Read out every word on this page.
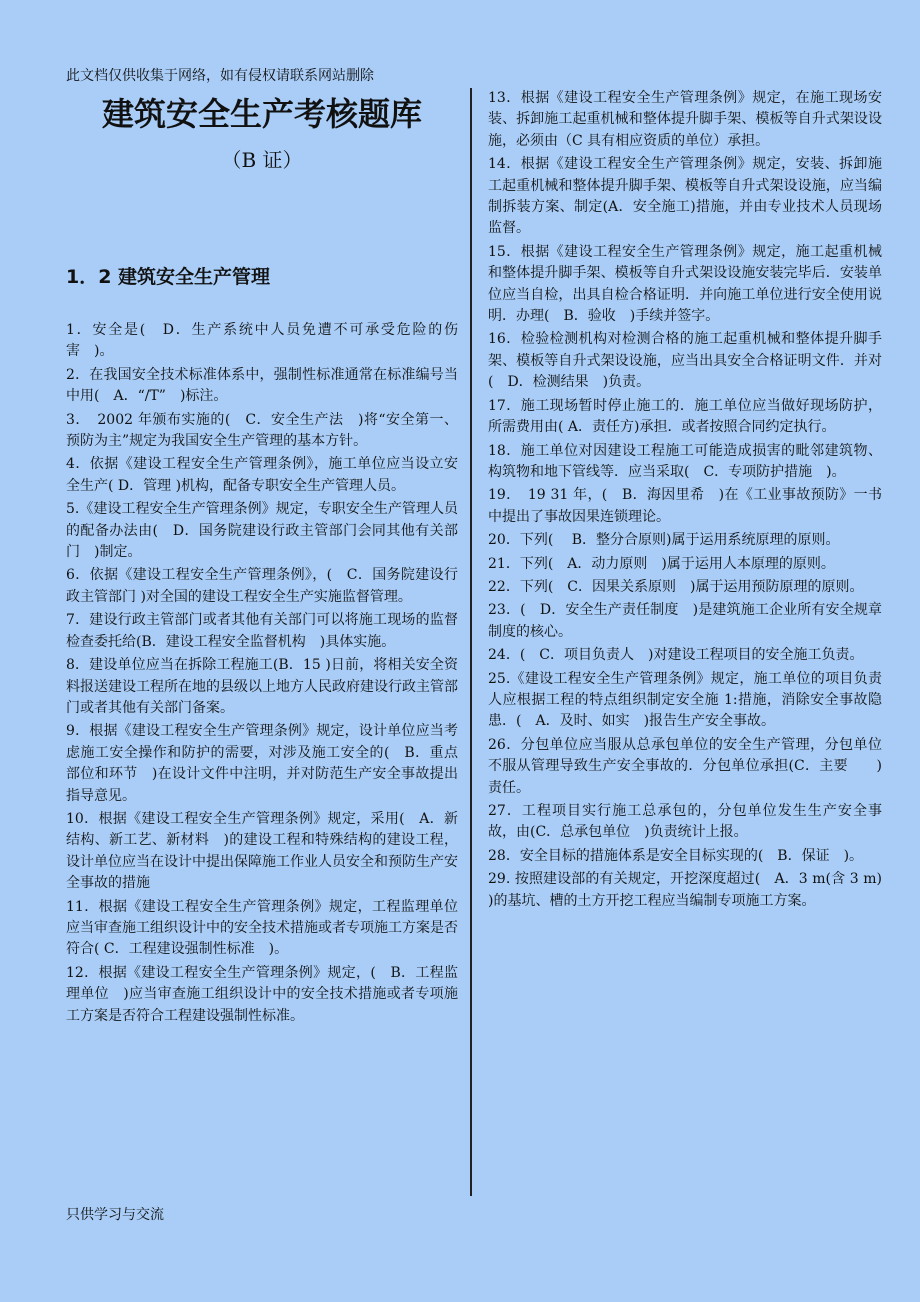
此文档仅供收集于网络，如有侵权请联系网站删除
建筑安全生产考核题库
（B 证）
1．2 建筑安全生产管理

1．安全是(　D．生产系统中人员免遭不可承受危险的伤害　)。

2．在我国安全技术标准体系中，强制性标准通常在标准编号当中用(　A．“/T”　)标注。

3．　2002 年颁布实施的(　C．安全生产法　)将“安全第一、预防为主”规定为我国安全生产管理的基本方针。

4．依据《建设工程安全生产管理条例》，施工单位应当设立安全生产( D．管理 )机构，配备专职安全生产管理人员。

5.《建设工程安全生产管理条例》规定，专职安全生产管理人员的配备办法由(　D．国务院建设行政主管部门会同其他有关部门　)制定。

6．依据《建设工程安全生产管理条例》，(　C．国务院建设行政主管部门 )对全国的建设工程安全生产实施监督管理。

7．建设行政主管部门或者其他有关部门可以将施工现场的监督检查委托给(B．建设工程安全监督机构　)具体实施。

8．建设单位应当在拆除工程施工(B．15 )日前，将相关安全资料报送建设工程所在地的县级以上地方人民政府建设行政主管部门或者其他有关部门备案。

9．根据《建设工程安全生产管理条例》规定，设计单位应当考虑施工安全操作和防护的需要，对涉及施工安全的(　B．重点部位和环节　)在设计文件中注明，并对防范生产安全事故提出指导意见。

10．根据《建设工程安全生产管理条例》规定，采用(　A．新结构、新工艺、新材料　)的建设工程和特殊结构的建设工程，设计单位应当在设计中提出保障施工作业人员安全和预防生产安全事故的措施

11．根据《建设工程安全生产管理条例》规定，工程监理单位应当审查施工组织设计中的安全技术措施或者专项施工方案是否符合( C．工程建设强制性标准　)。

12．根据《建设工程安全生产管理条例》规定，(　B．工程监理单位　)应当审查施工组织设计中的安全技术措施或者专项施工方案是否符合工程建设强制性标准。

13．根据《建设工程安全生产管理条例》规定，在施工现场安装、拆卸施工起重机械和整体提升脚手架、模板等自升式架设设施，必须由（C 具有相应资质的单位）承担。

14．根据《建设工程安全生产管理条例》规定，安装、拆卸施工起重机械和整体提升脚手架、模板等自升式架设设施，应当编制拆装方案、制定(A．安全施工)措施，并由专业技术人员现场监督。

15．根据《建设工程安全生产管理条例》规定，施工起重机械和整体提升脚手架、模板等自升式架设设施安装完毕后．安装单位应当自检，出具自检合格证明．并向施工单位进行安全使用说明．办理(　B．验收　)手续并签字。

16．检验检测机构对检测合格的施工起重机械和整体提升脚手架、模板等自升式架设设施，应当出具安全合格证明文件．并对(　D．检测结果　)负责。

17．施工现场暂时停止施工的．施工单位应当做好现场防护，所需费用由( A．责任方)承担．或者按照合同约定执行。

18．施工单位对因建设工程施工可能造成损害的毗邻建筑物、构筑物和地下管线等．应当采取(　C．专项防护措施　)。

19．　19 31 年，(　B．海因里希　)在《工业事故预防》一书中提出了事故因果连锁理论。

20．下列(　 B．整分合原则)属于运用系统原理的原则。

21．下列(　A．动力原则　)属于运用人本原理的原则。

22．下列(　C．因果关系原则　)属于运用预防原理的原则。

23．(　D．安全生产责任制度　)是建筑施工企业所有安全规章制度的核心。

24．(　C．项目负责人　)对建设工程项目的安全施工负责。

25.《建设工程安全生产管理条例》规定，施工单位的项目负责人应根据工程的特点组织制定安全施 1:措施，消除安全事故隐患．(　A．及时、如实　)报告生产安全事故。

26．分包单位应当服从总承包单位的安全生产管理，分包单位不服从管理导致生产安全事故的．分包单位承担(C．主要　　)责任。

27．工程项目实行施工总承包的，分包单位发生生产安全事故，由(C．总承包单位　)负责统计上报。

28．安全目标的措施体系是安全目标实现的(　B．保证　)。

29. 按照建设部的有关规定，开挖深度超过(　A．3 m(含 3 m)　)的基坑、槽的土方开挖工程应当编制专项施工方案。

只供学习与交流
